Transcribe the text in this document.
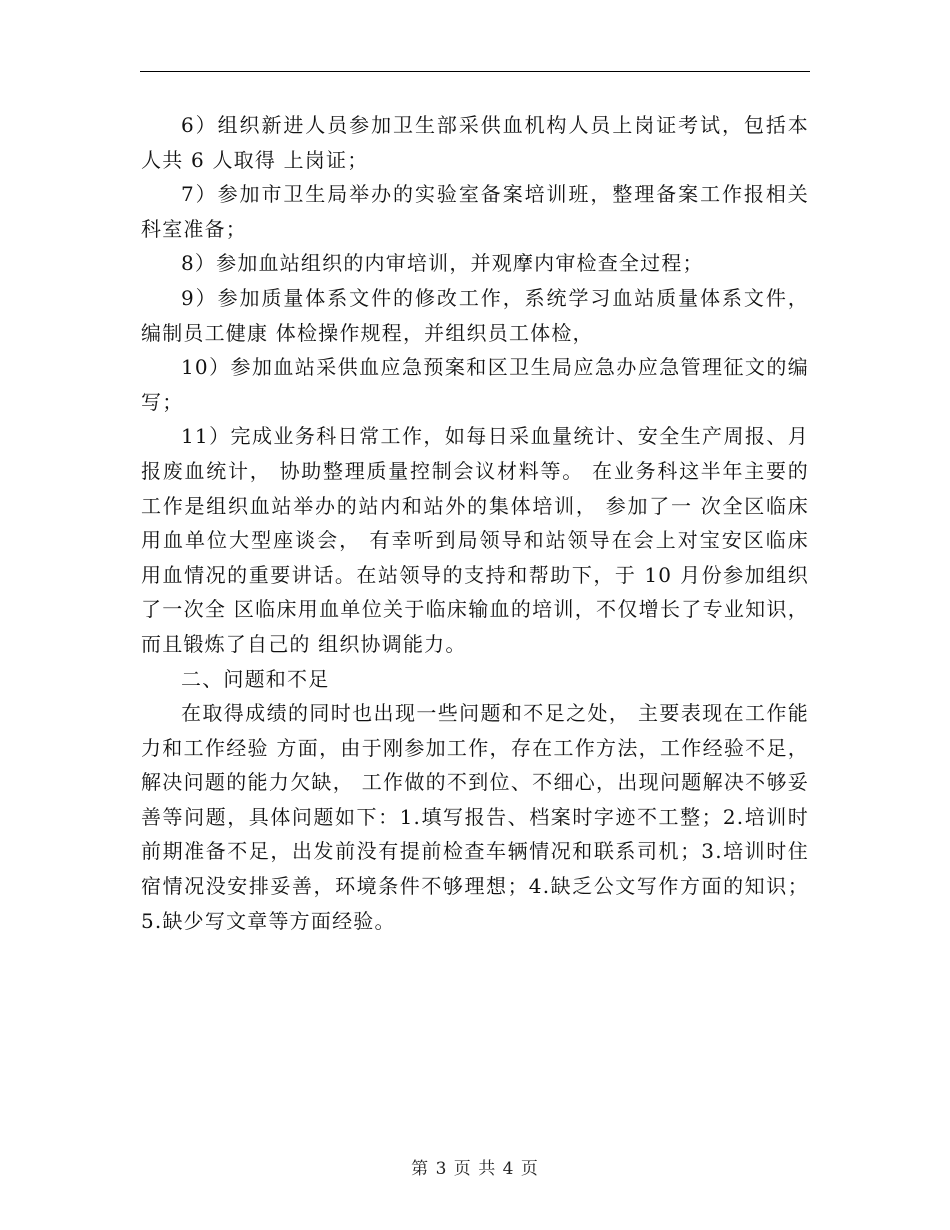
6）组织新进人员参加卫生部采供血机构人员上岗证考试，包括本人共 6 人取得 上岗证；

7）参加市卫生局举办的实验室备案培训班，整理备案工作报相关科室准备；

8）参加血站组织的内审培训，并观摩内审检查全过程；

9）参加质量体系文件的修改工作，系统学习血站质量体系文件，编制员工健康 体检操作规程，并组织员工体检，

10）参加血站采供血应急预案和区卫生局应急办应急管理征文的编写；

11）完成业务科日常工作，如每日采血量统计、安全生产周报、月报废血统计， 协助整理质量控制会议材料等。 在业务科这半年主要的工作是组织血站举办的站内和站外的集体培训， 参加了一 次全区临床用血单位大型座谈会， 有幸听到局领导和站领导在会上对宝安区临床 用血情况的重要讲话。在站领导的支持和帮助下，于 10 月份参加组织了一次全 区临床用血单位关于临床输血的培训，不仅增长了专业知识，而且锻炼了自己的 组织协调能力。

二、问题和不足

在取得成绩的同时也出现一些问题和不足之处， 主要表现在工作能力和工作经验 方面，由于刚参加工作，存在工作方法，工作经验不足，解决问题的能力欠缺， 工作做的不到位、不细心，出现问题解决不够妥善等问题，具体问题如下：1.填写报告、档案时字迹不工整；2.培训时前期准备不足，出发前没有提前检查车辆情况和联系司机；3.培训时住宿情况没安排妥善，环境条件不够理想；4.缺乏公文写作方面的知识；5.缺少写文章等方面经验。

第 3 页 共 4 页
